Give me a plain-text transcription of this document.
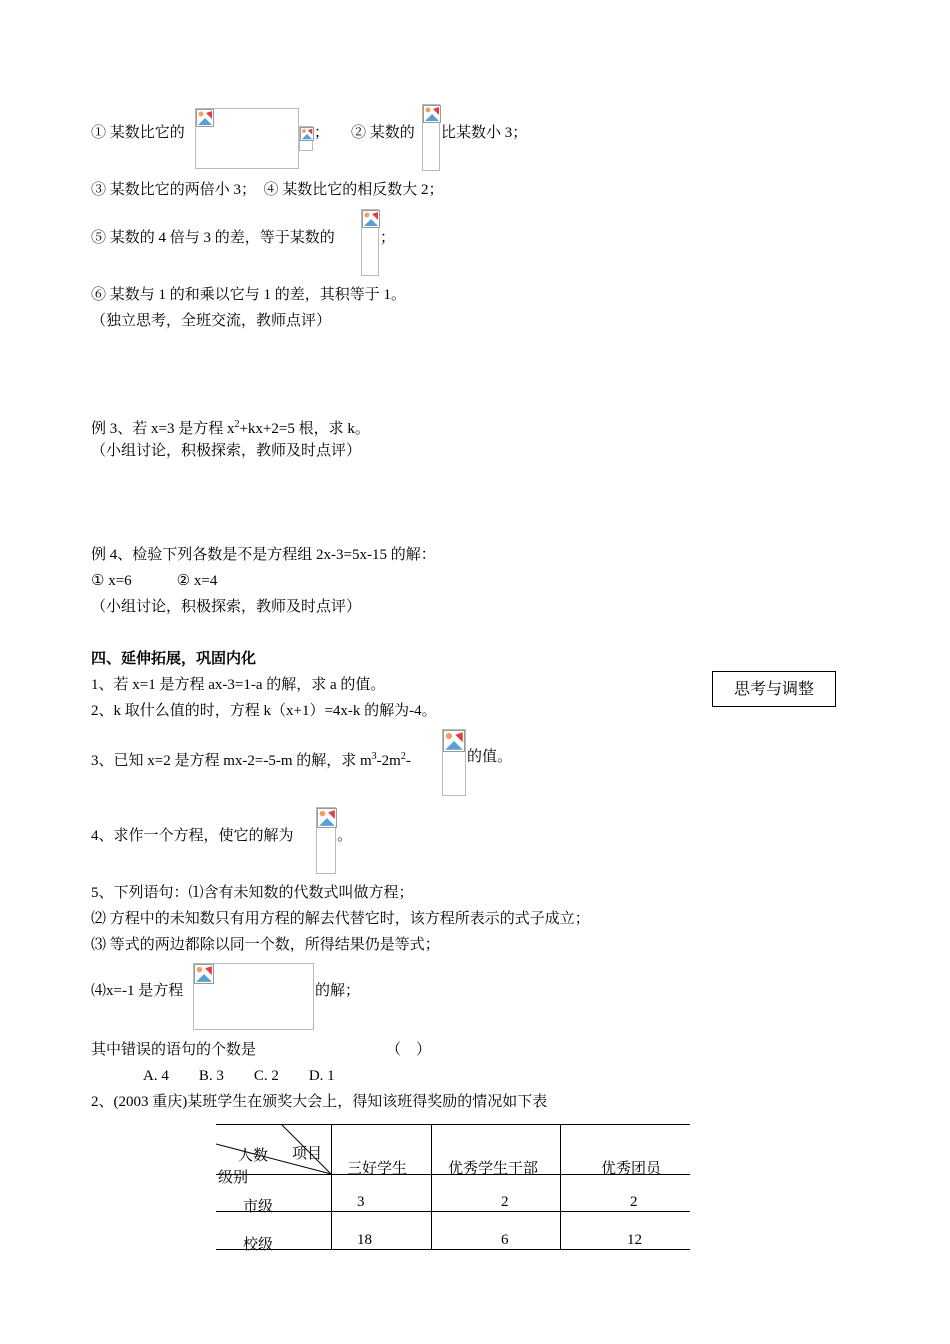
① 某数比它的	； ② 某数的 比某数小 3；
③ 某数比它的两倍小 3；　④ 某数比它的相反数大 2；
⑤ 某数的 4 倍与 3 的差，等于某数的	；
⑥ 某数与 1 的和乘以它与 1 的差，其积等于 1。
（独立思考，全班交流，教师点评）
例 3、若 x=3 是方程 $x^2+kx+2=5$ 根，求 k。
（小组讨论，积极探索，教师及时点评）
例 4、检验下列各数是不是方程组 2x-3=5x-15 的解：
① x=6　　　② x=4
（小组讨论，积极探索，教师及时点评）
四、延伸拓展，巩固内化
1、若 x=1 是方程 ax-3=1-a 的解，求 a 的值。
2、k 取什么值的时，方程 k（x+1）=4x-k 的解为-4。
思考与调整
3、已知 x=2 是方程 mx-2=-5-m 的解，求 $m^3-2m^2-$	的值。
4、求作一个方程，使它的解为	。
5、下列语句：⑴含有未知数的代数式叫做方程；
⑵ 方程中的未知数只有用方程的解去代替它时，该方程所表示的式子成立；
⑶ 等式的两边都除以同一个数，所得结果仍是等式；
⑷x=-1 是方程	的解；
其中错误的语句的个数是	（　）
A. 4　　B. 3　　C. 2　　D. 1
2、(2003 重庆)某班学生在颁奖大会上，得知该班得奖励的情况如下表
人数 项目
级别
三好学生	优秀学生干部	优秀团员
市级	3	2	2
校级	18	6	12
